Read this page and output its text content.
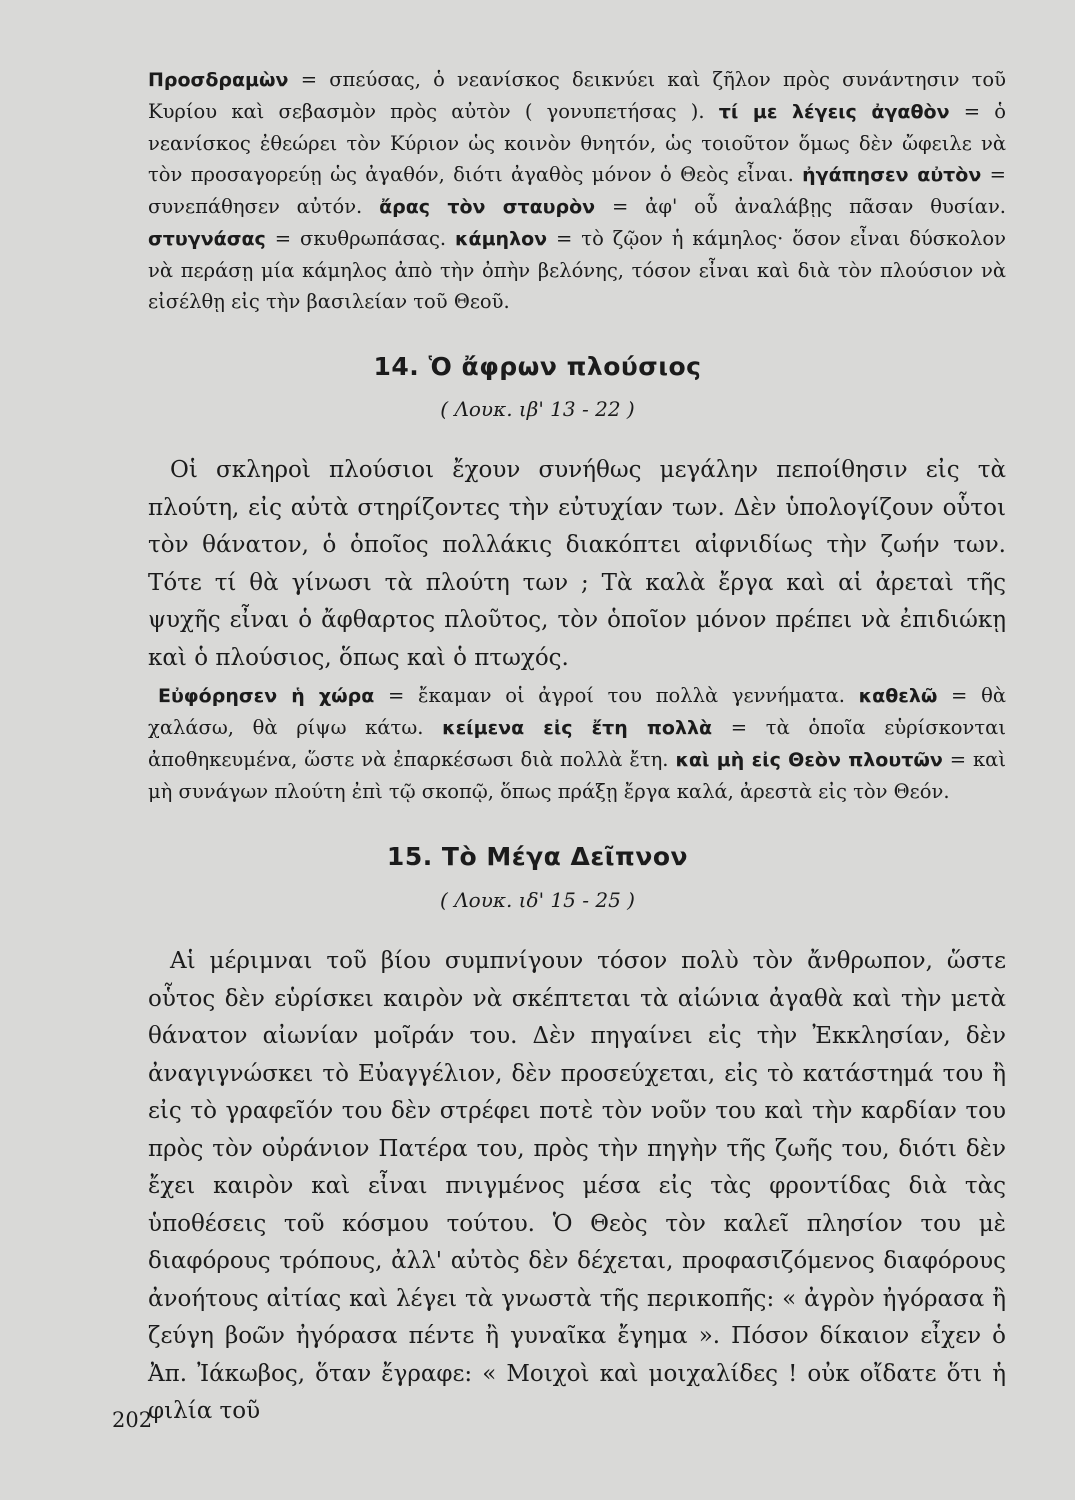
Προσδραμὼν = σπεύσας, ὁ νεανίσκος δεικνύει καὶ ζῆλον πρὸς συνάντησιν τοῦ Κυρίου καὶ σεβασμὸν πρὸς αὐτὸν ( γονυπετήσας ). τί με λέγεις ἀγαθὸν = ὁ νεανίσκος ἐθεώρει τὸν Κύριον ὡς κοινὸν θνητόν, ὡς τοιοῦτον ὅμως δὲν ὤφειλε νὰ τὸν προσαγορεύῃ ὡς ἀγαθόν, διότι ἀγαθὸς μόνον ὁ Θεὸς εἶναι. ἠγάπησεν αὐτὸν = συνεπάθησεν αὐτόν. ἄρας τὸν σταυρὸν = ἀφ' οὗ ἀναλάβῃς πᾶσαν θυσίαν. στυγνάσας = σκυθρωπάσας. κάμηλον = τὸ ζῷον ἡ κάμηλος· ὅσον εἶναι δύσκολον νὰ περάσῃ μία κάμηλος ἀπὸ τὴν ὀπὴν βελόνης, τόσον εἶναι καὶ διὰ τὸν πλούσιον νὰ εἰσέλθῃ εἰς τὴν βασιλείαν τοῦ Θεοῦ.

14. Ὁ ἄφρων πλούσιος
( Λουκ. ιβ' 13 - 22 )

Οἱ σκληροὶ πλούσιοι ἔχουν συνήθως μεγάλην πεποίθησιν εἰς τὰ πλούτη, εἰς αὐτὰ στηρίζοντες τὴν εὐτυχίαν των. Δὲν ὑπολογίζουν οὗτοι τὸν θάνατον, ὁ ὁποῖος πολλάκις διακόπτει αἰφνιδίως τὴν ζωήν των. Τότε τί θὰ γίνωσι τὰ πλούτη των ; Τὰ καλὰ ἔργα καὶ αἱ ἀρεταὶ τῆς ψυχῆς εἶναι ὁ ἄφθαρτος πλοῦτος, τὸν ὁποῖον μόνον πρέπει νὰ ἐπιδιώκῃ καὶ ὁ πλούσιος, ὅπως καὶ ὁ πτωχός.

Εὐφόρησεν ἡ χώρα = ἔκαμαν οἱ ἀγροί του πολλὰ γεννήματα. καθελῶ = θὰ χαλάσω, θὰ ρίψω κάτω. κείμενα εἰς ἔτη πολλὰ = τὰ ὁποῖα εὑρίσκονται ἀποθηκευμένα, ὥστε νὰ ἐπαρκέσωσι διὰ πολλὰ ἔτη. καὶ μὴ εἰς Θεὸν πλουτῶν = καὶ μὴ συνάγων πλούτη ἐπὶ τῷ σκοπῷ, ὅπως πράξῃ ἔργα καλά, ἀρεστὰ εἰς τὸν Θεόν.

15. Τὸ Μέγα Δεῖπνον
( Λουκ. ιδ' 15 - 25 )

Αἱ μέριμναι τοῦ βίου συμπνίγουν τόσον πολὺ τὸν ἄνθρωπον, ὥστε οὗτος δὲν εὑρίσκει καιρὸν νὰ σκέπτεται τὰ αἰώνια ἀγαθὰ καὶ τὴν μετὰ θάνατον αἰωνίαν μοῖράν του. Δὲν πηγαίνει εἰς τὴν Ἐκκλησίαν, δὲν ἀναγιγνώσκει τὸ Εὐαγγέλιον, δὲν προσεύχεται, εἰς τὸ κατάστημά του ἢ εἰς τὸ γραφεῖόν του δὲν στρέφει ποτὲ τὸν νοῦν του καὶ τὴν καρδίαν του πρὸς τὸν οὐράνιον Πατέρα του, πρὸς τὴν πηγὴν τῆς ζωῆς του, διότι δὲν ἔχει καιρὸν καὶ εἶναι πνιγμένος μέσα εἰς τὰς φροντίδας διὰ τὰς ὑποθέσεις τοῦ κόσμου τούτου. Ὁ Θεὸς τὸν καλεῖ πλησίον του μὲ διαφόρους τρόπους, ἀλλ' αὐτὸς δὲν δέχεται, προφασιζόμενος διαφόρους ἀνοήτους αἰτίας καὶ λέγει τὰ γνωστὰ τῆς περικοπῆς: « ἀγρὸν ἠγόρασα ἢ ζεύγη βοῶν ἠγόρασα πέντε ἢ γυναῖκα ἔγημα ». Πόσον δίκαιον εἶχεν ὁ Ἀπ. Ἰάκωβος, ὅταν ἔγραφε: « Μοιχοὶ καὶ μοιχαλίδες ! οὐκ οἴδατε ὅτι ἡ φιλία τοῦ

202
